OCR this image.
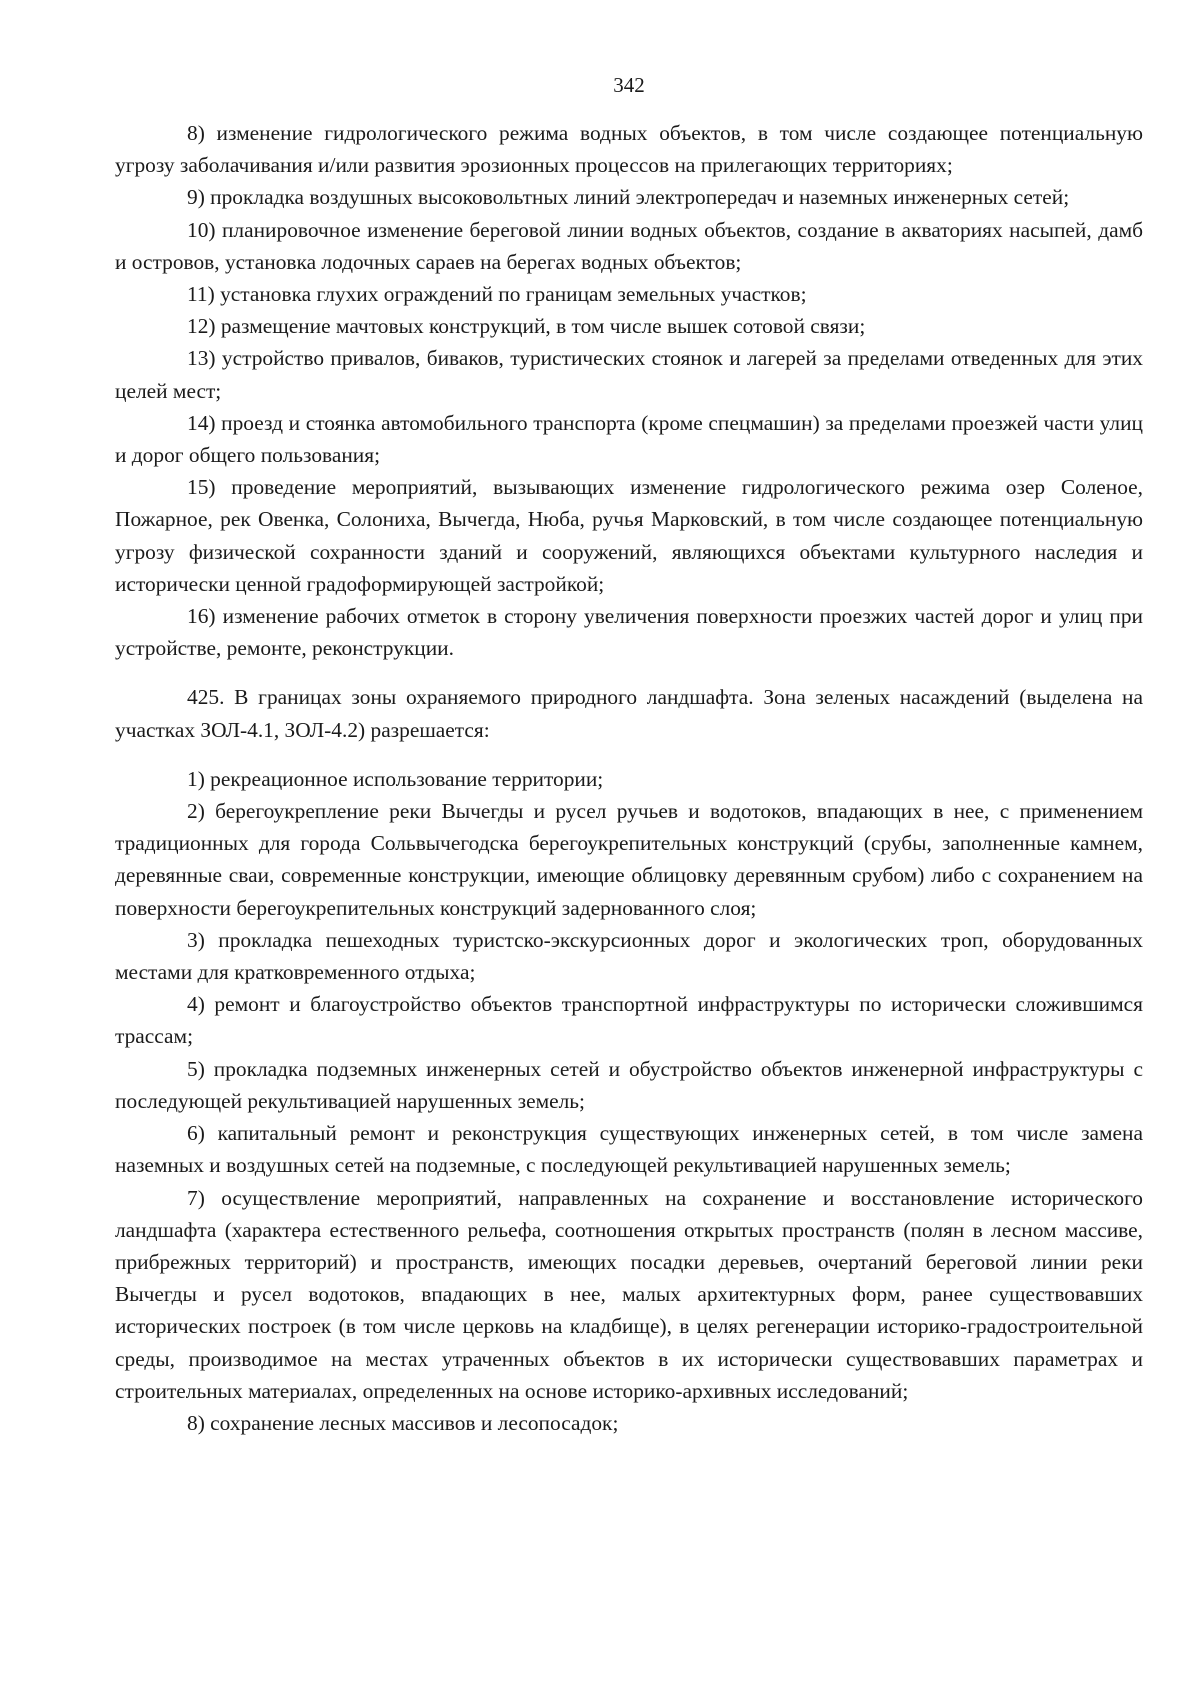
342

8) изменение гидрологического режима водных объектов, в том числе создающее потенциальную угрозу заболачивания и/или развития эрозионных процессов на прилегающих территориях;

9) прокладка воздушных высоковольтных линий электропередач и наземных инженерных сетей;

10) планировочное изменение береговой линии водных объектов, создание в акваториях насыпей, дамб и островов, установка лодочных сараев на берегах водных объектов;

11) установка глухих ограждений по границам земельных участков;

12) размещение мачтовых конструкций, в том числе вышек сотовой связи;

13) устройство привалов, биваков, туристических стоянок и лагерей за пределами отведенных для этих целей мест;

14) проезд и стоянка автомобильного транспорта (кроме спецмашин) за пределами проезжей части улиц и дорог общего пользования;

15) проведение мероприятий, вызывающих изменение гидрологического режима озер Соленое, Пожарное, рек Овенка, Солониха, Вычегда, Нюба, ручья Марковский, в том числе создающее потенциальную угрозу физической сохранности зданий и сооружений, являющихся объектами культурного наследия и исторически ценной градоформирующей застройкой;

16) изменение рабочих отметок в сторону увеличения поверхности проезжих частей дорог и улиц при устройстве, ремонте, реконструкции.

425. В границах зоны охраняемого природного ландшафта. Зона зеленых насаждений (выделена на участках ЗОЛ-4.1, ЗОЛ-4.2) разрешается:

1) рекреационное использование территории;

2) берегоукрепление реки Вычегды и русел ручьев и водотоков, впадающих в нее, с применением традиционных для города Сольвычегодска берегоукрепительных конструкций (срубы, заполненные камнем, деревянные сваи, современные конструкции, имеющие облицовку деревянным срубом) либо с сохранением на поверхности берегоукрепительных конструкций задернованного слоя;

3) прокладка пешеходных туристско-экскурсионных дорог и экологических троп, оборудованных местами для кратковременного отдыха;

4) ремонт и благоустройство объектов транспортной инфраструктуры по исторически сложившимся трассам;

5) прокладка подземных инженерных сетей и обустройство объектов инженерной инфраструктуры с последующей рекультивацией нарушенных земель;

6) капитальный ремонт и реконструкция существующих инженерных сетей, в том числе замена наземных и воздушных сетей на подземные, с последующей рекультивацией нарушенных земель;

7) осуществление мероприятий, направленных на сохранение и восстановление исторического ландшафта (характера естественного рельефа, соотношения открытых пространств (полян в лесном массиве, прибрежных территорий) и пространств, имеющих посадки деревьев, очертаний береговой линии реки Вычегды и русел водотоков, впадающих в нее, малых архитектурных форм, ранее существовавших исторических построек (в том числе церковь на кладбище), в целях регенерации историко-градостроительной среды, производимое на местах утраченных объектов в их исторически существовавших параметрах и строительных материалах, определенных на основе историко-архивных исследований;

8) сохранение лесных массивов и лесопосадок;
